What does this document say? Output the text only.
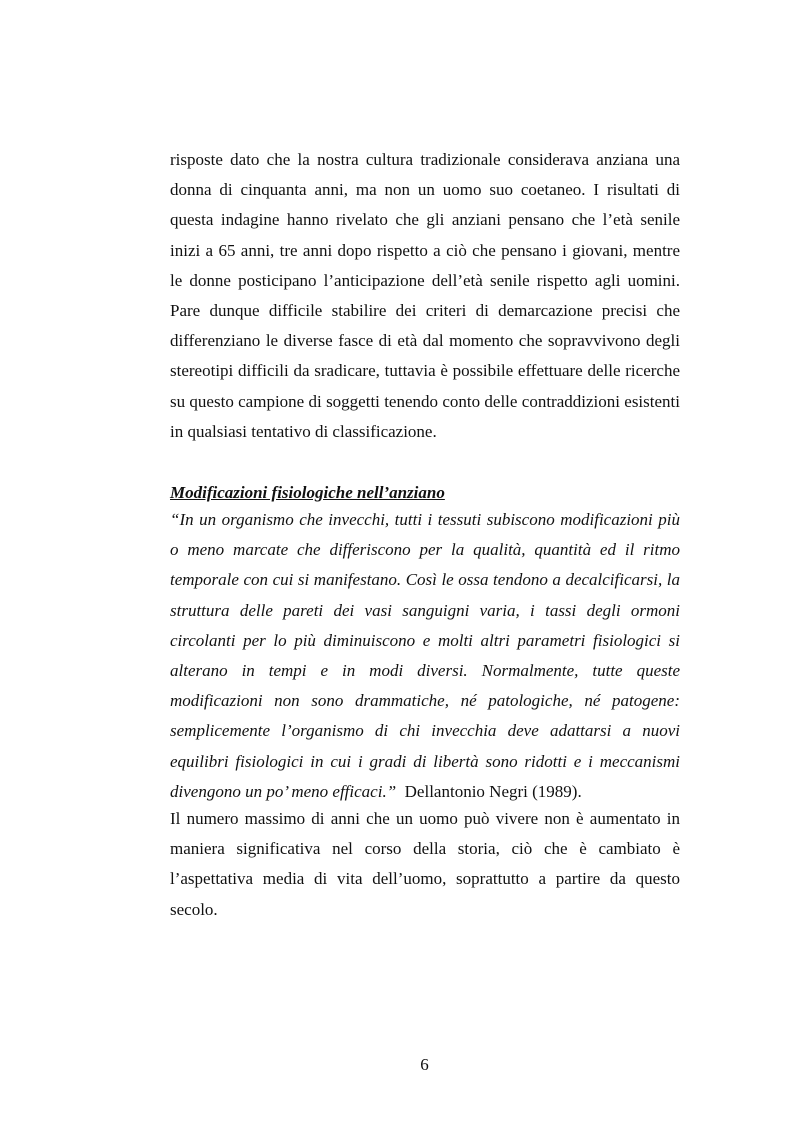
risposte dato che la nostra cultura tradizionale considerava anziana una donna di cinquanta anni, ma non un uomo suo coetaneo. I risultati di questa indagine hanno rivelato che gli anziani pensano che l’età senile inizi a 65 anni, tre anni dopo rispetto a ciò che pensano i giovani, mentre le donne posticipano l’anticipazione dell’età senile rispetto agli uomini. Pare dunque difficile stabilire dei criteri di demarcazione precisi che differenziano le diverse fasce di età dal momento che sopravvivono degli stereotipi difficili da sradicare, tuttavia è possibile effettuare delle ricerche su questo campione di soggetti tenendo conto delle contraddizioni esistenti in qualsiasi tentativo di classificazione.

Modificazioni fisiologiche nell’anziano

“In un organismo che invecchi, tutti i tessuti subiscono modificazioni più o meno marcate che differiscono per la qualità, quantità ed il ritmo temporale con cui si manifestano. Così le ossa tendono a decalcificarsi, la struttura delle pareti dei vasi sanguigni varia, i tassi degli ormoni circolanti per lo più diminuiscono e molti altri parametri fisiologici si alterano in tempi e in modi diversi. Normalmente, tutte queste modificazioni non sono drammatiche, né patologiche, né patogene: semplicemente l’organismo di chi invecchia deve adattarsi a nuovi equilibri fisiologici in cui i gradi di libertà sono ridotti e i meccanismi divengono un po’ meno efficaci.” Dellantonio Negri (1989).

Il numero massimo di anni che un uomo può vivere non è aumentato in maniera significativa nel corso della storia, ciò che è cambiato è l’aspettativa media di vita dell’uomo, soprattutto a partire da questo secolo.

6
